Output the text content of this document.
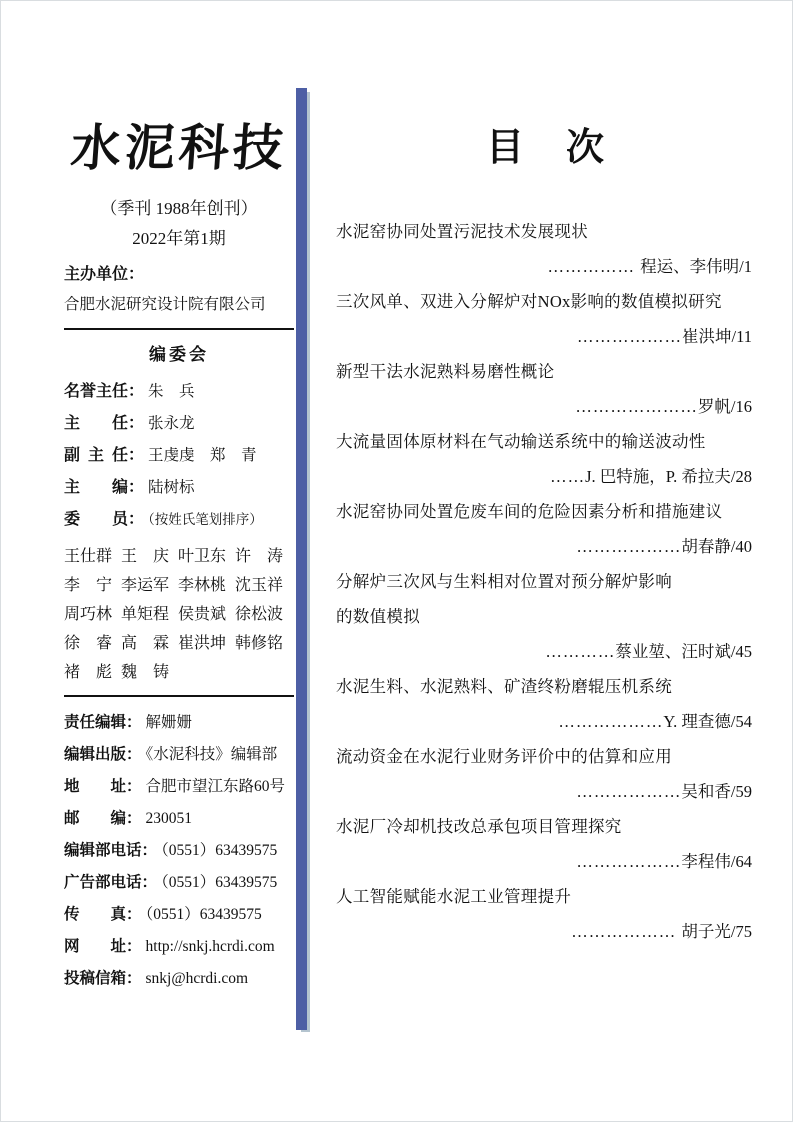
水泥科技
（季刊 1988年创刊）
2022年第1期
主办单位：
合肥水泥研究设计院有限公司
编委会
名誉主任： 朱　兵
主任： 张永龙
副主任： 王虔虔　郑　青
主编： 陆树标
委员： （按姓氏笔划排序）
王仕群 王庆 叶卫东 许涛
李宁 李运军 李林桃 沈玉祥
周巧林 单矩程 侯贵斌 徐松波
徐睿 高霖 崔洪坤 韩修铭
褚彪 魏铸
责任编辑： 解姗姗
编辑出版： 《水泥科技》编辑部
地址： 合肥市望江东路60号
邮编： 230051
编辑部电话： （0551）63439575
广告部电话： （0551）63439575
传真： （0551）63439575
网址： http://snkj.hcrdi.com
投稿信箱： snkj@hcrdi.com
目　次
水泥窑协同处置污泥技术发展现状
…………… 程运、李伟明/1
三次风单、双进入分解炉对NOx影响的数值模拟研究
………………崔洪坤/11
新型干法水泥熟料易磨性概论
…………………罗帆/16
大流量固体原材料在气动输送系统中的输送波动性
……J. 巴特施，P. 希拉夫/28
水泥窑协同处置危废车间的危险因素分析和措施建议
………………胡春静/40
分解炉三次风与生料相对位置对预分解炉影响
的数值模拟
…………蔡业堃、汪时斌/45
水泥生料、水泥熟料、矿渣终粉磨辊压机系统
………………Y. 理查德/54
流动资金在水泥行业财务评价中的估算和应用
………………吴和香/59
水泥厂冷却机技改总承包项目管理探究
………………李程伟/64
人工智能赋能水泥工业管理提升
……………… 胡子光/75
